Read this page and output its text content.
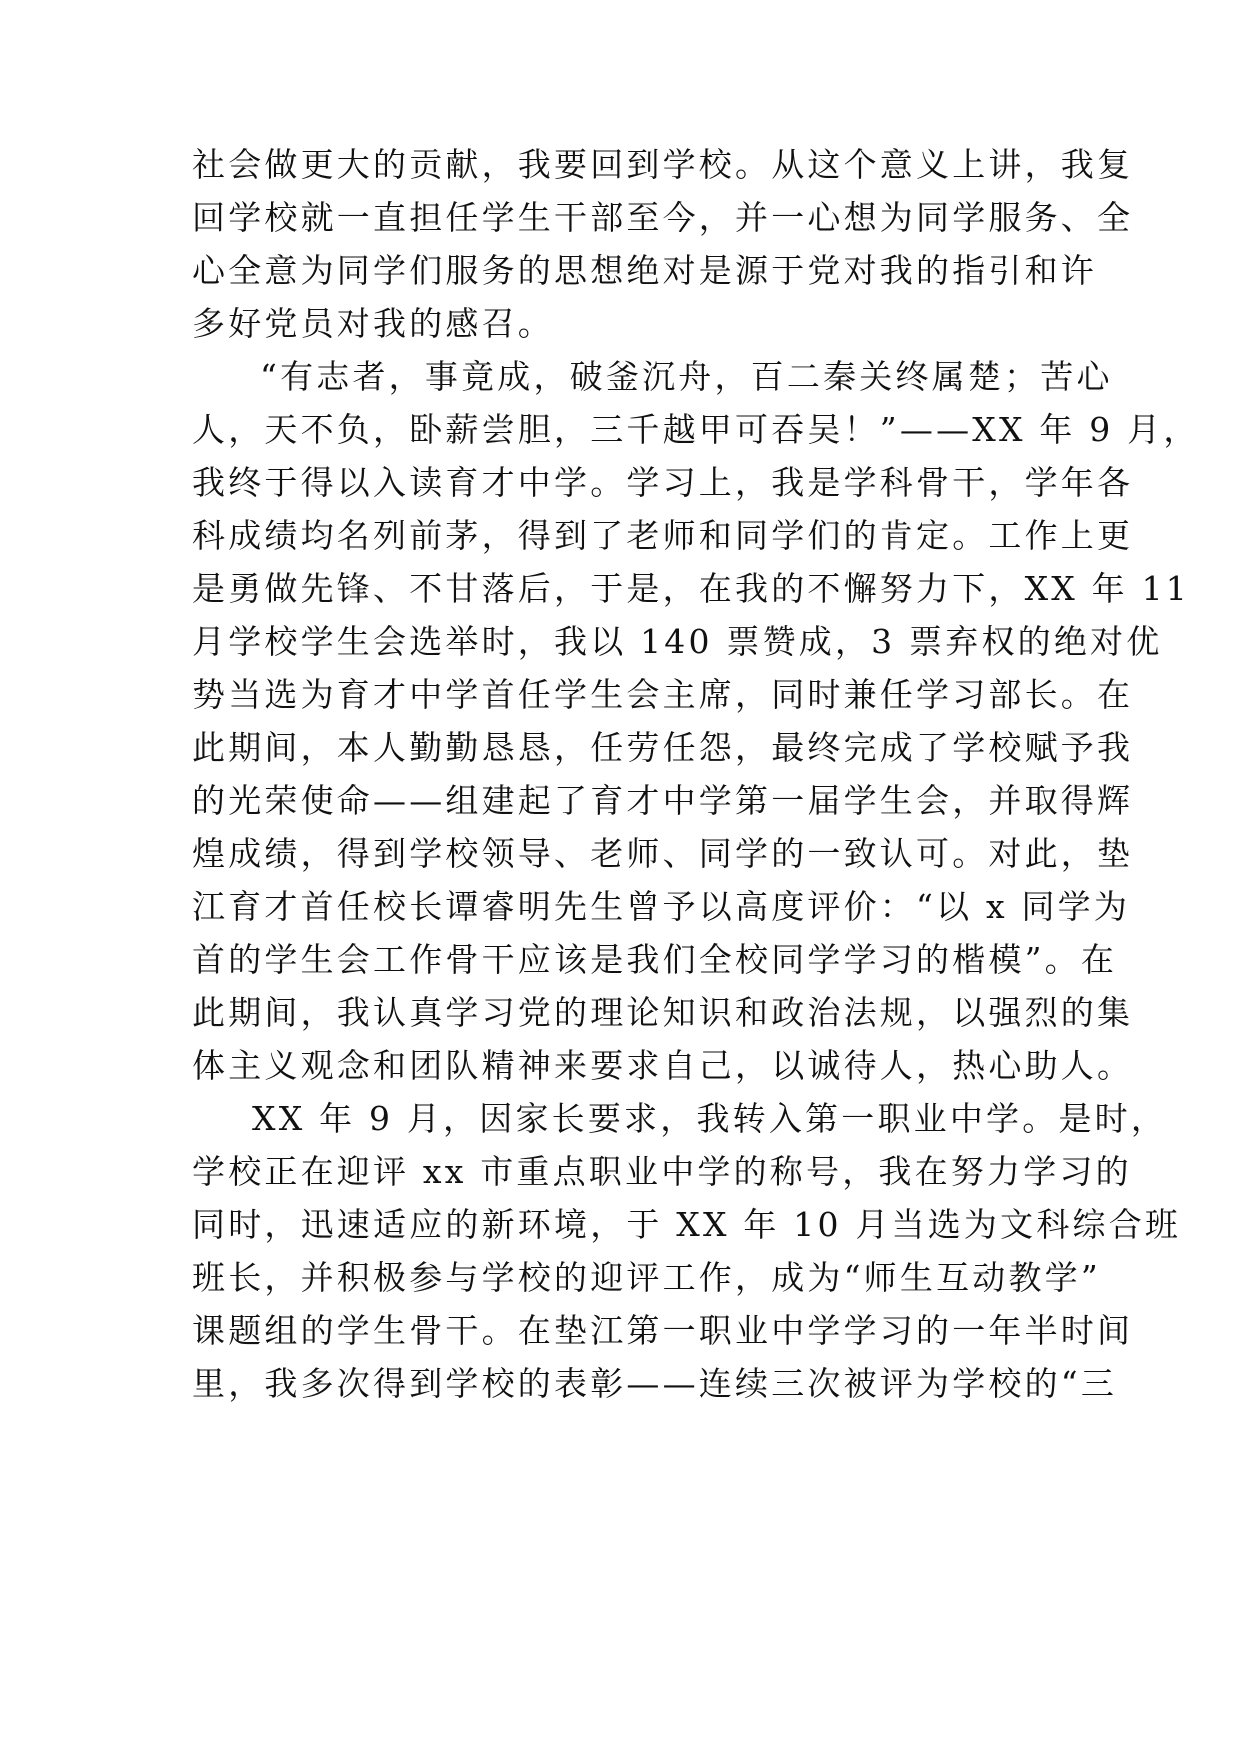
社会做更大的贡献，我要回到学校。从这个意义上讲，我复
回学校就一直担任学生干部至今，并一心想为同学服务、全
心全意为同学们服务的思想绝对是源于党对我的指引和许
多好党员对我的感召。
“有志者，事竟成，破釜沉舟，百二秦关终属楚；苦心
人，天不负，卧薪尝胆，三千越甲可吞吴！”——XX 年 9 月，
我终于得以入读育才中学。学习上，我是学科骨干，学年各
科成绩均名列前茅，得到了老师和同学们的肯定。工作上更
是勇做先锋、不甘落后，于是，在我的不懈努力下，XX 年 11
月学校学生会选举时，我以 140 票赞成，3 票弃权的绝对优
势当选为育才中学首任学生会主席，同时兼任学习部长。在
此期间，本人勤勤恳恳，任劳任怨，最终完成了学校赋予我
的光荣使命——组建起了育才中学第一届学生会，并取得辉
煌成绩，得到学校领导、老师、同学的一致认可。对此，垫
江育才首任校长谭睿明先生曾予以高度评价：“以 x 同学为
首的学生会工作骨干应该是我们全校同学学习的楷模”。在
此期间，我认真学习党的理论知识和政治法规，以强烈的集
体主义观念和团队精神来要求自己，以诚待人，热心助人。
XX 年 9 月，因家长要求，我转入第一职业中学。是时，
学校正在迎评 xx 市重点职业中学的称号，我在努力学习的
同时，迅速适应的新环境，于 XX 年 10 月当选为文科综合班
班长，并积极参与学校的迎评工作，成为“师生互动教学”
课题组的学生骨干。在垫江第一职业中学学习的一年半时间
里，我多次得到学校的表彰——连续三次被评为学校的“三
